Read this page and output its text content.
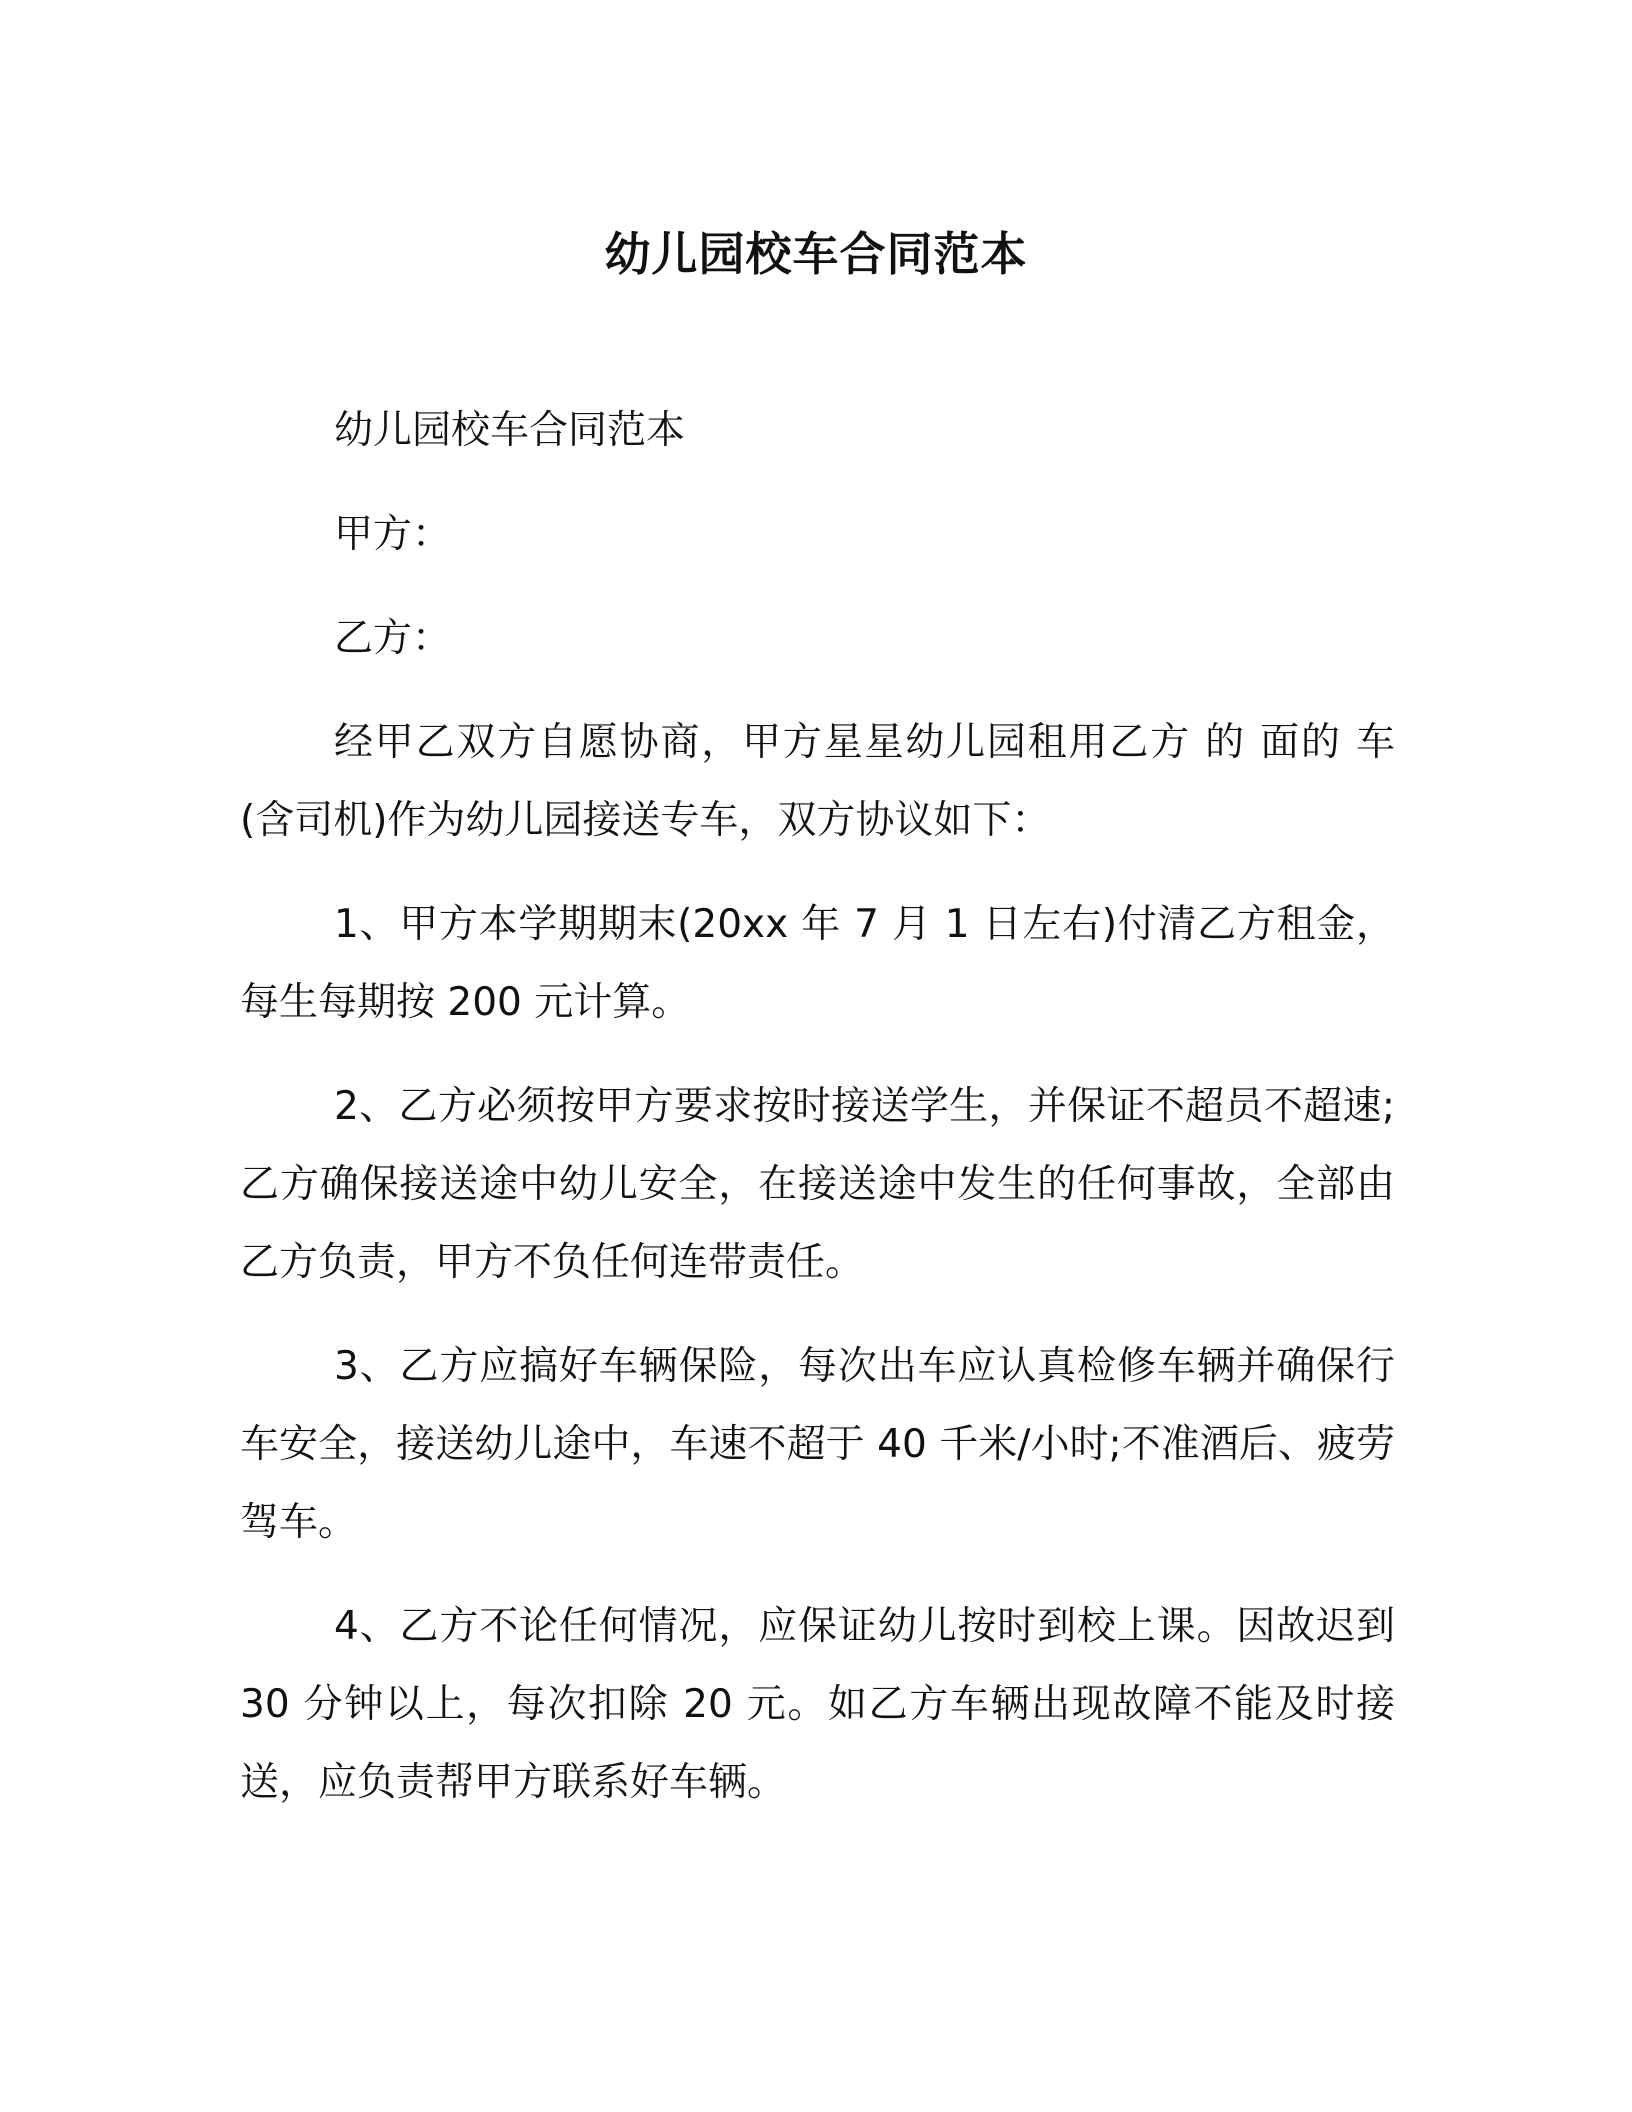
幼儿园校车合同范本

幼儿园校车合同范本

甲方：

乙方：

经甲乙双方自愿协商，甲方星星幼儿园租用乙方 的 面的 车(含司机)作为幼儿园接送专车，双方协议如下：

1、甲方本学期期末(20xx 年 7 月 1 日左右)付清乙方租金，每生每期按 200 元计算。

2、乙方必须按甲方要求按时接送学生，并保证不超员不超速;乙方确保接送途中幼儿安全，在接送途中发生的任何事故，全部由乙方负责，甲方不负任何连带责任。

3、乙方应搞好车辆保险，每次出车应认真检修车辆并确保行车安全，接送幼儿途中，车速不超于 40 千米/小时;不准酒后、疲劳驾车。

4、乙方不论任何情况，应保证幼儿按时到校上课。因故迟到 30 分钟以上，每次扣除 20 元。如乙方车辆出现故障不能及时接送，应负责帮甲方联系好车辆。
